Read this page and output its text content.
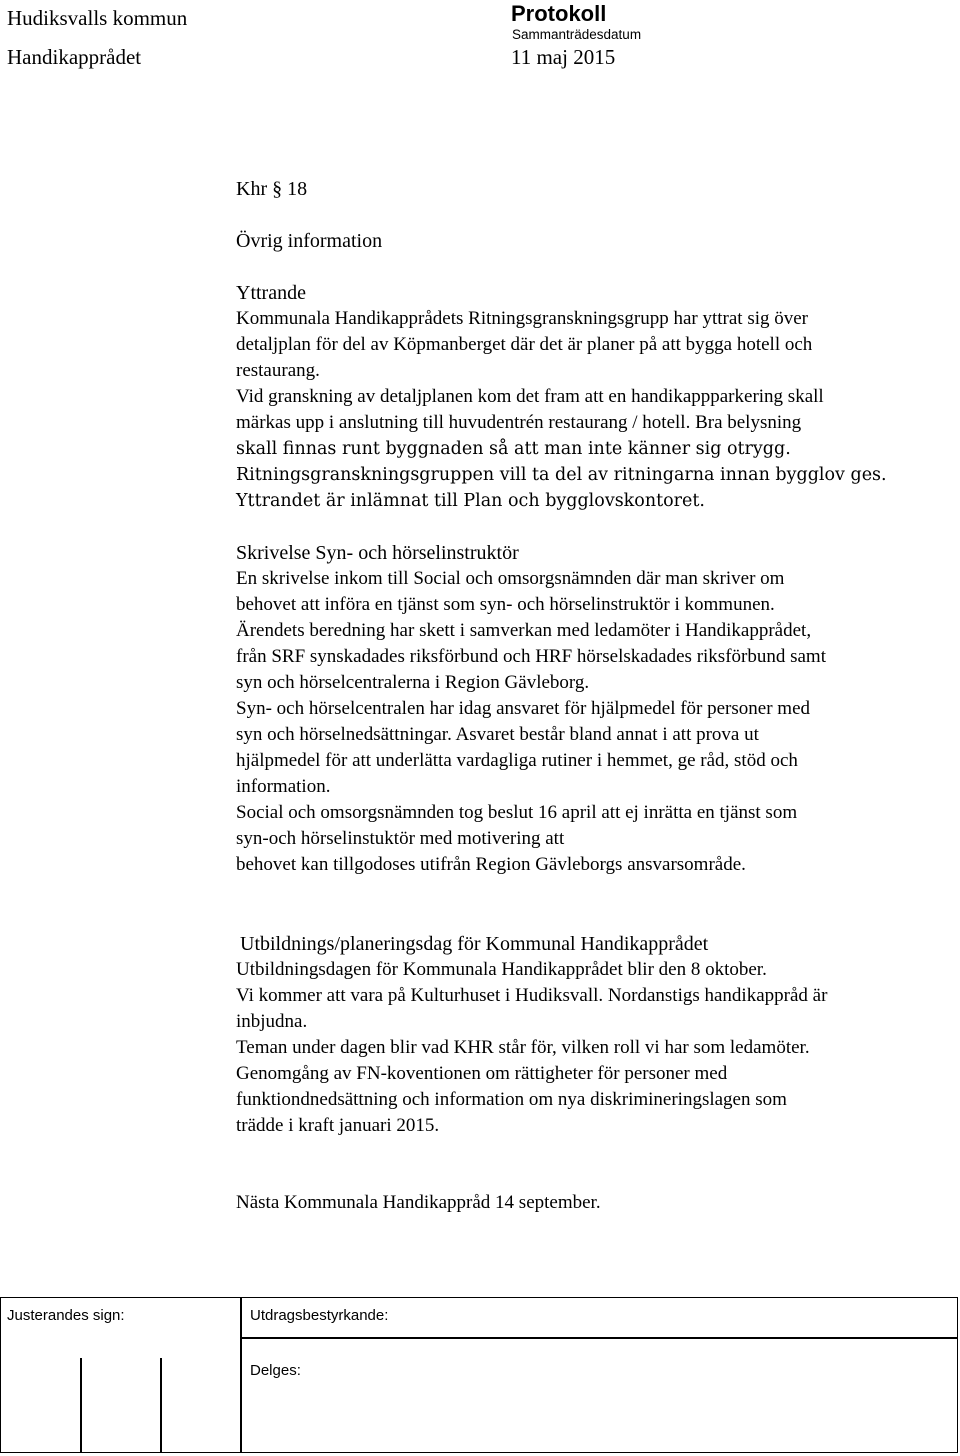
Hudiksvalls kommun	Protokoll
Sammanträdesdatum
Handikapprådet	11 maj 2015
Khr § 18
Övrig information
Yttrande
Kommunala Handikapprådets Ritningsgranskningsgrupp har yttrat sig över
detaljplan för del av Köpmanberget där det är planer på att bygga hotell och
restaurang.
Vid granskning av detaljplanen kom det fram att en handikappparkering skall
märkas upp i anslutning till huvudentrén restaurang / hotell. Bra belysning
skall finnas runt byggnaden så att man inte känner sig otrygg.
Ritningsgranskningsgruppen vill ta del av ritningarna innan bygglov ges.
Yttrandet är inlämnat till Plan och bygglovskontoret.
Skrivelse Syn- och hörselinstruktör
En skrivelse inkom till Social och omsorgsnämnden där man skriver om
behovet att införa en tjänst som syn- och hörselinstruktör i kommunen.
Ärendets beredning har skett i samverkan med ledamöter i Handikapprådet,
från SRF synskadades riksförbund och HRF hörselskadades riksförbund samt
syn och hörselcentralerna i Region Gävleborg.
Syn- och hörselcentralen har idag ansvaret för hjälpmedel för personer med
syn och hörselnedsättningar. Asvaret består bland annat i att prova ut
hjälpmedel för att underlätta vardagliga rutiner i hemmet, ge råd, stöd och
information.
Social och omsorgsnämnden tog beslut 16 april att ej inrätta en tjänst som
syn-och hörselinstuktör med motivering att
behovet kan tillgodoses utifrån Region Gävleborgs ansvarsområde.
Utbildnings/planeringsdag för Kommunal Handikapprådet
Utbildningsdagen för Kommunala Handikapprådet blir den 8 oktober.
Vi kommer att vara på Kulturhuset i Hudiksvall. Nordanstigs handikappråd är
inbjudna.
Teman under dagen blir vad KHR står för, vilken roll vi har som ledamöter.
Genomgång av FN-koventionen om rättigheter för personer med
funktiondnedsättning och information om nya diskrimineringslagen som
trädde i kraft januari 2015.
Nästa Kommunala Handikappråd 14 september.
Justerandes sign:	Utdragsbestyrkande:
Delges:
